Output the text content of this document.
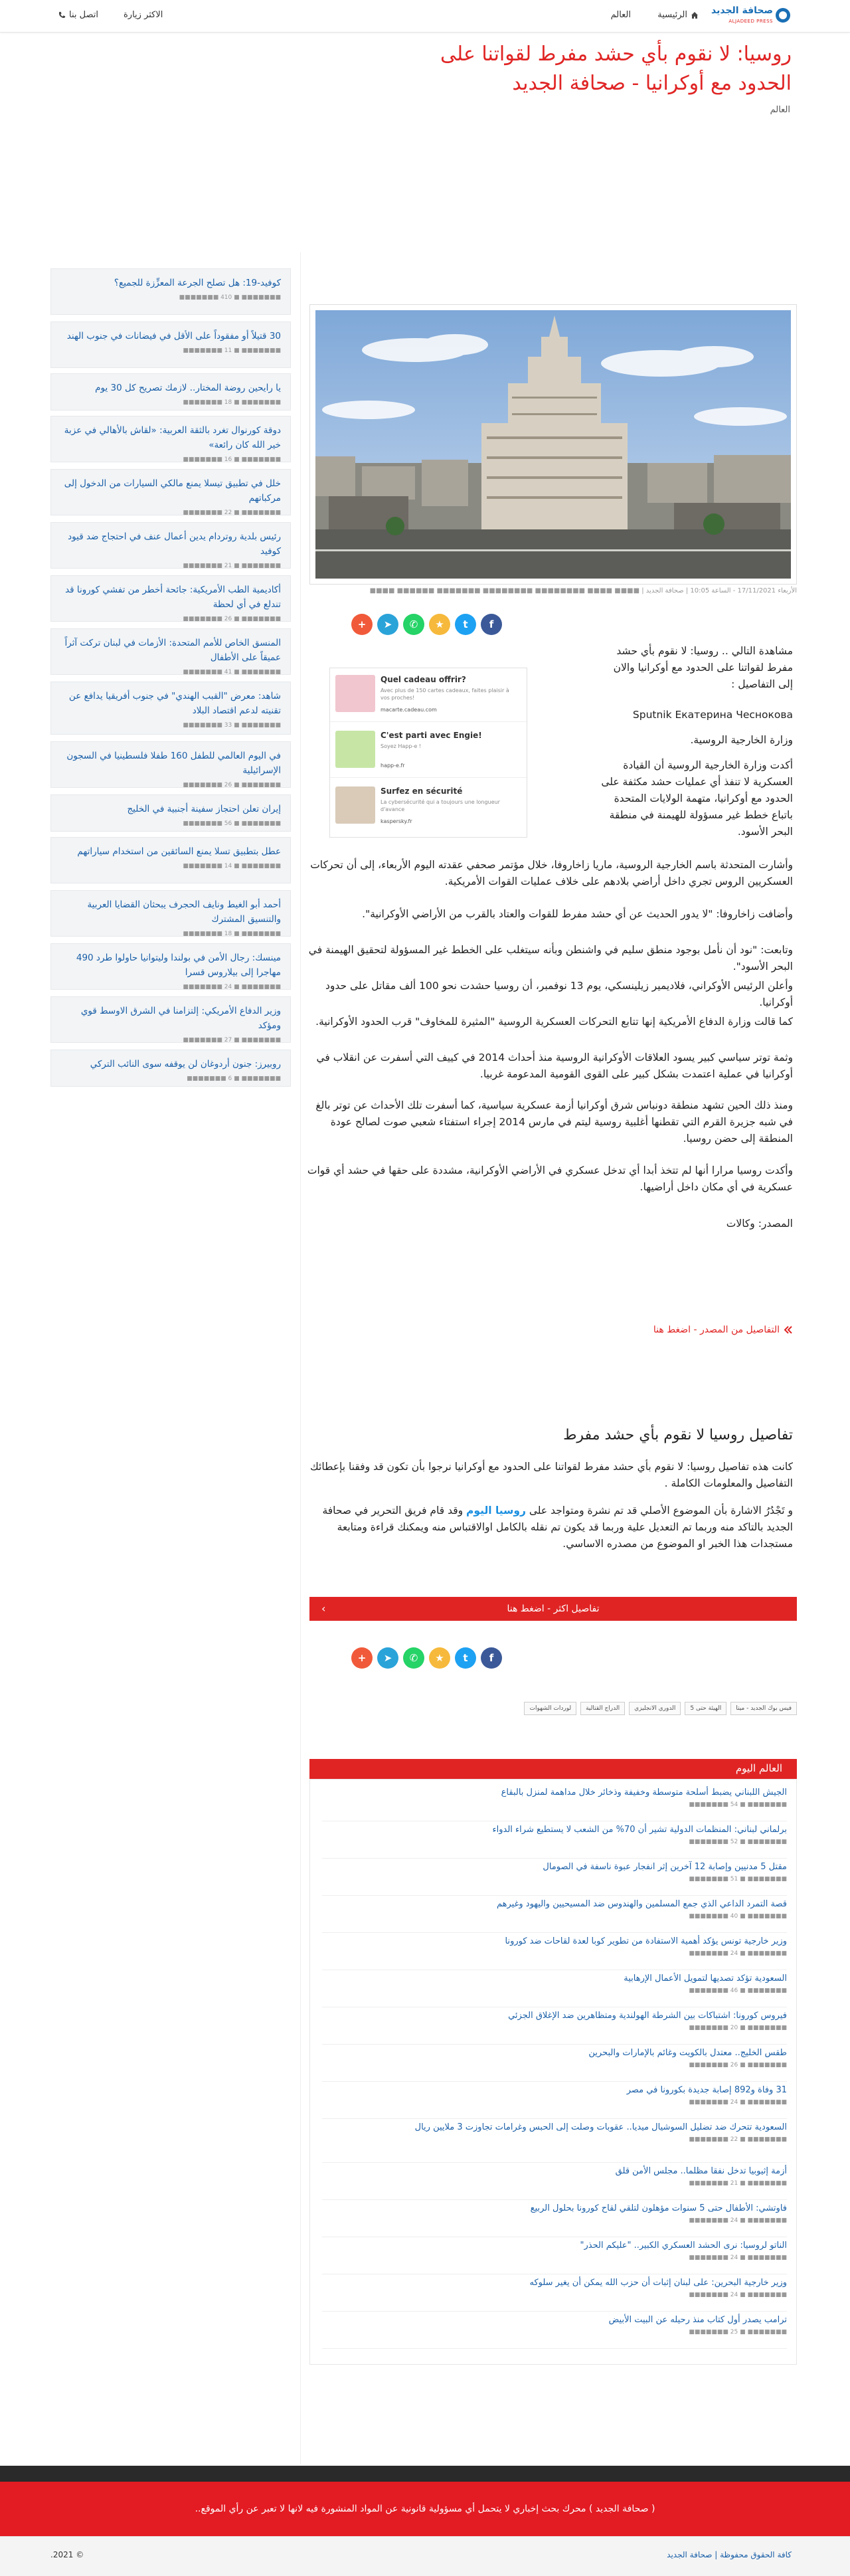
صحافة الجديد
ALJADEED PRESS
الرئيسية
العالم
اتصل بنا	الاكثر زيارة
روسيا: لا نقوم بأي حشد مفرط لقواتنا على الحدود مع أوكرانيا - صحافة الجديد
العالم
كوفيد-19: هل تصلح الجرعة المعزِّزة للجميع؟
■■■■■■■ ■ 410 ■■■■■■■
30 قتيلاً أو مفقوداً على الأقل في فيضانات في جنوب الهند
■■■■■■■ ■ 11 ■■■■■■■
يا رايحين روضة المختار.. لازمك تصريح كل 30 يوم
■■■■■■■ ■ 18 ■■■■■■■
دوقة كورنوال تغرد بالثقة العربية: «لقاش بالأهالي في عزبة خير الله كان رائعة»
■■■■■■■ ■ 16 ■■■■■■■
خلل في تطبيق تيسلا يمنع مالكي السيارات من الدخول إلى مركباتهم
■■■■■■■ ■ 22 ■■■■■■■
رئيس بلدية روتردام يدين أعمال عنف في احتجاج ضد قيود كوفيد
■■■■■■■ ■ 21 ■■■■■■■
أكاديمية الطب الأمريكية: جائحة أخطر من تفشي كورونا قد تندلع في أي لحظة
■■■■■■■ ■ 26 ■■■■■■■
المنسق الخاص للأمم المتحدة: الأزمات في لبنان تركت آثراً عميقاً على الأطفال
■■■■■■■ ■ 41 ■■■■■■■
شاهد: معرض "القبب الهندي" في جنوب أفريقيا يدافع عن تقنيته لدعم اقتصاد البلاد
■■■■■■■ ■ 33 ■■■■■■■
في اليوم العالمي للطفل 160 طفلا فلسطينيا في السجون الإسرائيلية
■■■■■■■ ■ 26 ■■■■■■■
إيران تعلن احتجاز سفينة أجنبية في الخليج
■■■■■■■ ■ 56 ■■■■■■■
عطل بتطبيق تسلا يمنع السائقين من استخدام سياراتهم
■■■■■■■ ■ 14 ■■■■■■■
أحمد أبو الغيط ونايف الحجرف يبحثان القضايا العربية والتنسيق المشترك
■■■■■■■ ■ 18 ■■■■■■■
مينسك: رجال الأمن في بولندا وليتوانيا حاولوا طرد 490 مهاجرا إلى بيلاروس قسرا
■■■■■■■ ■ 24 ■■■■■■■
وزير الدفاع الأمريكي: إلتزامنا في الشرق الاوسط قوي ومؤكد
■■■■■■■ ■ 27 ■■■■■■■
روبيرز: جنون أردوغان لن يوقفه سوى النائب التركي
■■■■■■■ ■ 6 ■■■■■■■
الأربعاء 17/11/2021 - الساعة 10:05 | صحافة الجديد | ■■■■ ■■■■ ■■■■■■■■ ■■■■■■■■ ■■■■■■■ ■■■■■■ ■■■■
f
t
★
✆
➤
+
Quel cadeau offrir?
Avec plus de 150 cartes cadeaux, faites plaisir à vos proches!
macarte.cadeau.com
C'est parti avec Engie!
Soyez Happ-e !
happ-e.fr
Surfez en sécurité
La cybersécurité qui a toujours une longueur d'avance
kaspersky.fr

مشاهدة التالي .. روسيا: لا نقوم بأي حشد مفرط لقواتنا على الحدود مع أوكرانيا والان إلى التفاصيل :

Sputnik Екатерина Чеснокова

وزارة الخارجية الروسية.

أكدت وزارة الخارجية الروسية أن القيادة العسكرية لا تنفذ أي عمليات حشد مكثفة على الحدود مع أوكرانيا، متهمة الولايات المتحدة باتباع خطط غير مسؤولة للهيمنة في منطقة البحر الأسود.

وأشارت المتحدثة باسم الخارجية الروسية، ماريا زاخاروفا، خلال مؤتمر صحفي عقدته اليوم الأربعاء، إلى أن تحركات العسكريين الروس تجري داخل أراضي بلادهم على خلاف عمليات القوات الأمريكية.

وأضافت زاخاروفا: "لا يدور الحديث عن أي حشد مفرط للقوات والعتاد بالقرب من الأراضي الأوكرانية".

وتابعت: "نود أن نأمل بوجود منطق سليم في واشنطن وبأنه سيتغلب على الخطط غير المسؤولة لتحقيق الهيمنة في البحر الأسود".

وأعلن الرئيس الأوكراني، فلاديمير زيلينسكي، يوم 13 نوفمبر، أن روسيا حشدت نحو 100 ألف مقاتل على حدود أوكرانيا.

كما قالت وزارة الدفاع الأمريكية إنها تتابع التحركات العسكرية الروسية "المثيرة للمخاوف" قرب الحدود الأوكرانية.

وثمة توتر سياسي كبير يسود العلاقات الأوكرانية الروسية منذ أحداث 2014 في كييف التي أسفرت عن انقلاب في أوكرانيا في عملية اعتمدت بشكل كبير على القوى القومية المدعومة غربيا.

ومنذ ذلك الحين تشهد منطقة دونباس شرق أوكرانيا أزمة عسكرية سياسية، كما أسفرت تلك الأحداث عن توتر بالغ في شبه جزيرة القرم التي تقطنها أغلبية روسية ليتم في مارس 2014 إجراء استفتاء شعبي صوت لصالح عودة المنطقة إلى حضن روسيا.

وأكدت روسيا مرارا أنها لم تتخذ أبدا أي تدخل عسكري في الأراضي الأوكرانية، مشددة على حقها في حشد أي قوات عسكرية في أي مكان داخل أراضيها.

المصدر: وكالات

التفاصيل من المصدر - اضغط هنا
تفاصيل روسيا لا نقوم بأي حشد مفرط

كانت هذه تفاصيل روسيا: لا نقوم بأي حشد مفرط لقواتنا على الحدود مع أوكرانيا نرجوا بأن تكون قد وفقنا بإعطائك التفاصيل والمعلومات الكاملة .

و تَجْدُرُ الاشارة بأن الموضوع الأصلي قد تم نشرة ومتواجد على روسيا اليوم وقد قام فريق التحرير في صحافة الجديد بالتاكد منه وربما تم التعديل علية وربما قد يكون تم نقله بالكامل اوالاقتباس منه ويمكنك قراءة ومتابعة مستجدات هذا الخبر او الموضوع من مصدره الاساسي.

تفاصيل اكثر - اضغط هنا
‹
f
t
★
✆
➤
+
فيس بوك الجديد - ميتا
الهيئة حتى 5
الدوري الانجليزي
الدراج القتالية
لوردات الشهوات
العالم اليوم
الجيش اللبناني يضبط أسلحة متوسطة وخفيفة وذخائر خلال مداهمة لمنزل بالبقاع
■■■■■■■ ■ 54 ■■■■■■■
برلماني لبناني: المنظمات الدولية تشير أن 70% من الشعب لا يستطيع شراء الدواء
■■■■■■■ ■ 52 ■■■■■■■
مقتل 5 مدنيين وإصابة 12 آخرين إثر انفجار عبوة ناسفة في الصومال
■■■■■■■ ■ 51 ■■■■■■■
قصة التمرد الداعي الذي جمع المسلمين والهندوس ضد المسيحيين واليهود وغيرهم
■■■■■■■ ■ 40 ■■■■■■■
وزير خارجية تونس يؤكد أهمية الاستفادة من تطوير كوبا لعدة لقاحات ضد كورونا
■■■■■■■ ■ 24 ■■■■■■■
السعودية تؤكد تصديها لتمويل الأعمال الإرهابية
■■■■■■■ ■ 46 ■■■■■■■
فيروس كورونا: اشتباكات بين الشرطة الهولندية ومتظاهرين ضد الإغلاق الجزئي
■■■■■■■ ■ 20 ■■■■■■■
طقس الخليج.. معتدل بالكويت وغائم بالإمارات والبحرين
■■■■■■■ ■ 26 ■■■■■■■
31 وفاة و892 إصابة جديدة بكورونا في مصر
■■■■■■■ ■ 24 ■■■■■■■
السعودية تتحرك ضد تضليل السوشيال ميديا.. عقوبات وصلت إلى الحبس وغرامات تجاوزت 3 ملايين ريال
■■■■■■■ ■ 22 ■■■■■■■
أزمة إثيوبيا تدخل نفقا مظلما.. مجلس الأمن قلق
■■■■■■■ ■ 21 ■■■■■■■
فاوتشي: الأطفال حتى 5 سنوات مؤهلون لتلقي لقاح كورونا بحلول الربيع
■■■■■■■ ■ 24 ■■■■■■■
الناتو لروسيا: نرى الحشد العسكري الكبير.. "عليكم الحذر"
■■■■■■■ ■ 24 ■■■■■■■
وزير خارجية البحرين: على لبنان إثبات أن حزب الله يمكن أن يغير سلوكه
■■■■■■■ ■ 24 ■■■■■■■
ترامب يصدر أول كتاب منذ رحيله عن البيت الأبيض
■■■■■■■ ■ 25 ■■■■■■■
( صحافة الجديد ) محرك بحث إخباري لا يتحمل أي مسؤولية قانونية عن المواد المنشورة فيه لانها لا تعبر عن رأي الموقع..
كافة الحقوق محفوظة | صحافة الجديد
© 2021.
